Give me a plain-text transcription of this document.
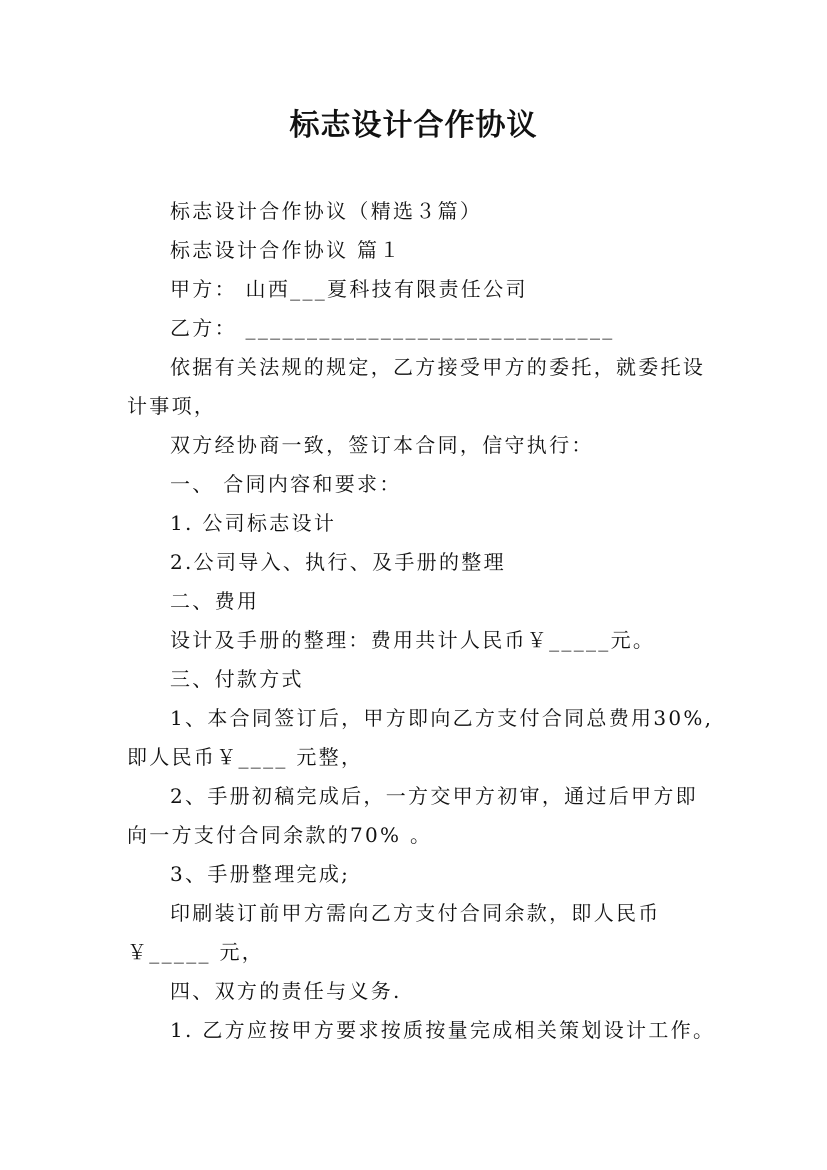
标志设计合作协议
标志设计合作协议（精选３篇）
标志设计合作协议 篇１
甲方： 山西___夏科技有限责任公司
乙方： ______________________________
依据有关法规的规定，乙方接受甲方的委托，就委托设
计事项，
双方经协商一致，签订本合同，信守执行：
一、 合同内容和要求：
1. 公司标志设计
2.公司导入、执行、及手册的整理
二、费用
设计及手册的整理：费用共计人民币￥_____元。
三、付款方式
1、本合同签订后，甲方即向乙方支付合同总费用30%,
即人民币￥____ 元整，
2、手册初稿完成后，一方交甲方初审，通过后甲方即
向一方支付合同余款的70% 。
3、手册整理完成;
印刷装订前甲方需向乙方支付合同余款，即人民币
￥_____ 元，
四、双方的责任与义务.
1. 乙方应按甲方要求按质按量完成相关策划设计工作。
